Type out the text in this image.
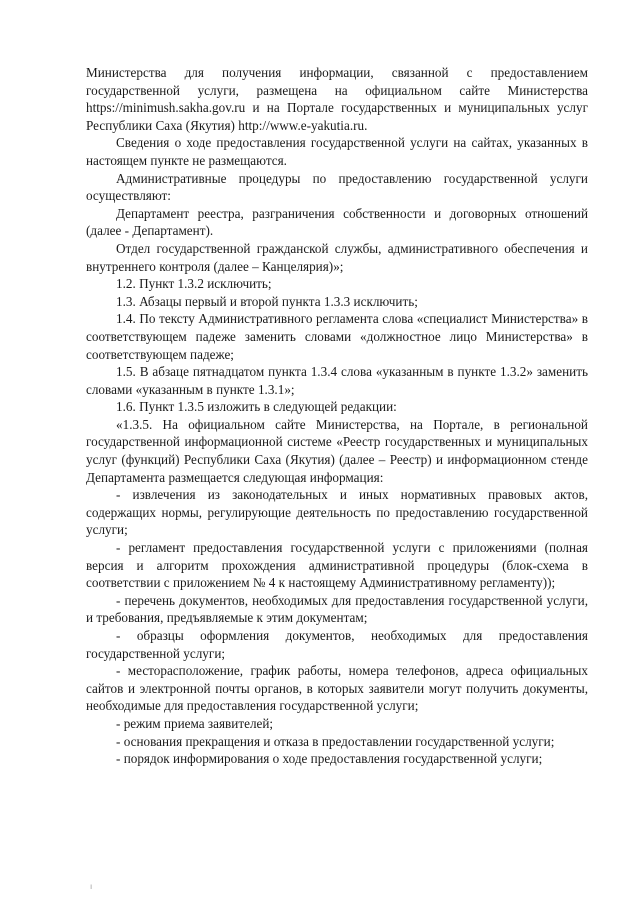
Министерства для получения информации, связанной с предоставлением государственной услуги, размещена на официальном сайте Министерства https://minimush.sakha.gov.ru и на Портале государственных и муниципальных услуг Республики Саха (Якутия) http://www.e-yakutia.ru.

Сведения о ходе предоставления государственной услуги на сайтах, указанных в настоящем пункте не размещаются.

Административные процедуры по предоставлению государственной услуги осуществляют:

Департамент реестра, разграничения собственности и договорных отношений (далее - Департамент).

Отдел государственной гражданской службы, административного обеспечения и внутреннего контроля (далее – Канцелярия)»;

1.2. Пункт 1.3.2 исключить;

1.3. Абзацы первый и второй пункта 1.3.3 исключить;

1.4. По тексту Административного регламента слова «специалист Министерства» в соответствующем падеже заменить словами «должностное лицо Министерства» в соответствующем падеже;

1.5. В абзаце пятнадцатом пункта 1.3.4 слова «указанным в пункте 1.3.2» заменить словами «указанным в пункте 1.3.1»;

1.6. Пункт 1.3.5 изложить в следующей редакции:

«1.3.5. На официальном сайте Министерства, на Портале, в региональной государственной информационной системе «Реестр государственных и муниципальных услуг (функций) Республики Саха (Якутия) (далее – Реестр) и информационном стенде Департамента размещается следующая информация:

- извлечения из законодательных и иных нормативных правовых актов, содержащих нормы, регулирующие деятельность по предоставлению государственной услуги;

- регламент предоставления государственной услуги с приложениями (полная версия и алгоритм прохождения административной процедуры (блок-схема в соответствии с приложением № 4 к настоящему Административному регламенту));

- перечень документов, необходимых для предоставления государственной услуги, и требования, предъявляемые к этим документам;

- образцы оформления документов, необходимых для предоставления государственной услуги;

- месторасположение, график работы, номера телефонов, адреса официальных сайтов и электронной почты органов, в которых заявители могут получить документы, необходимые для предоставления государственной услуги;

- режим приема заявителей;

- основания прекращения и отказа в предоставлении государственной услуги;

- порядок информирования о ходе предоставления государственной услуги;

ı
